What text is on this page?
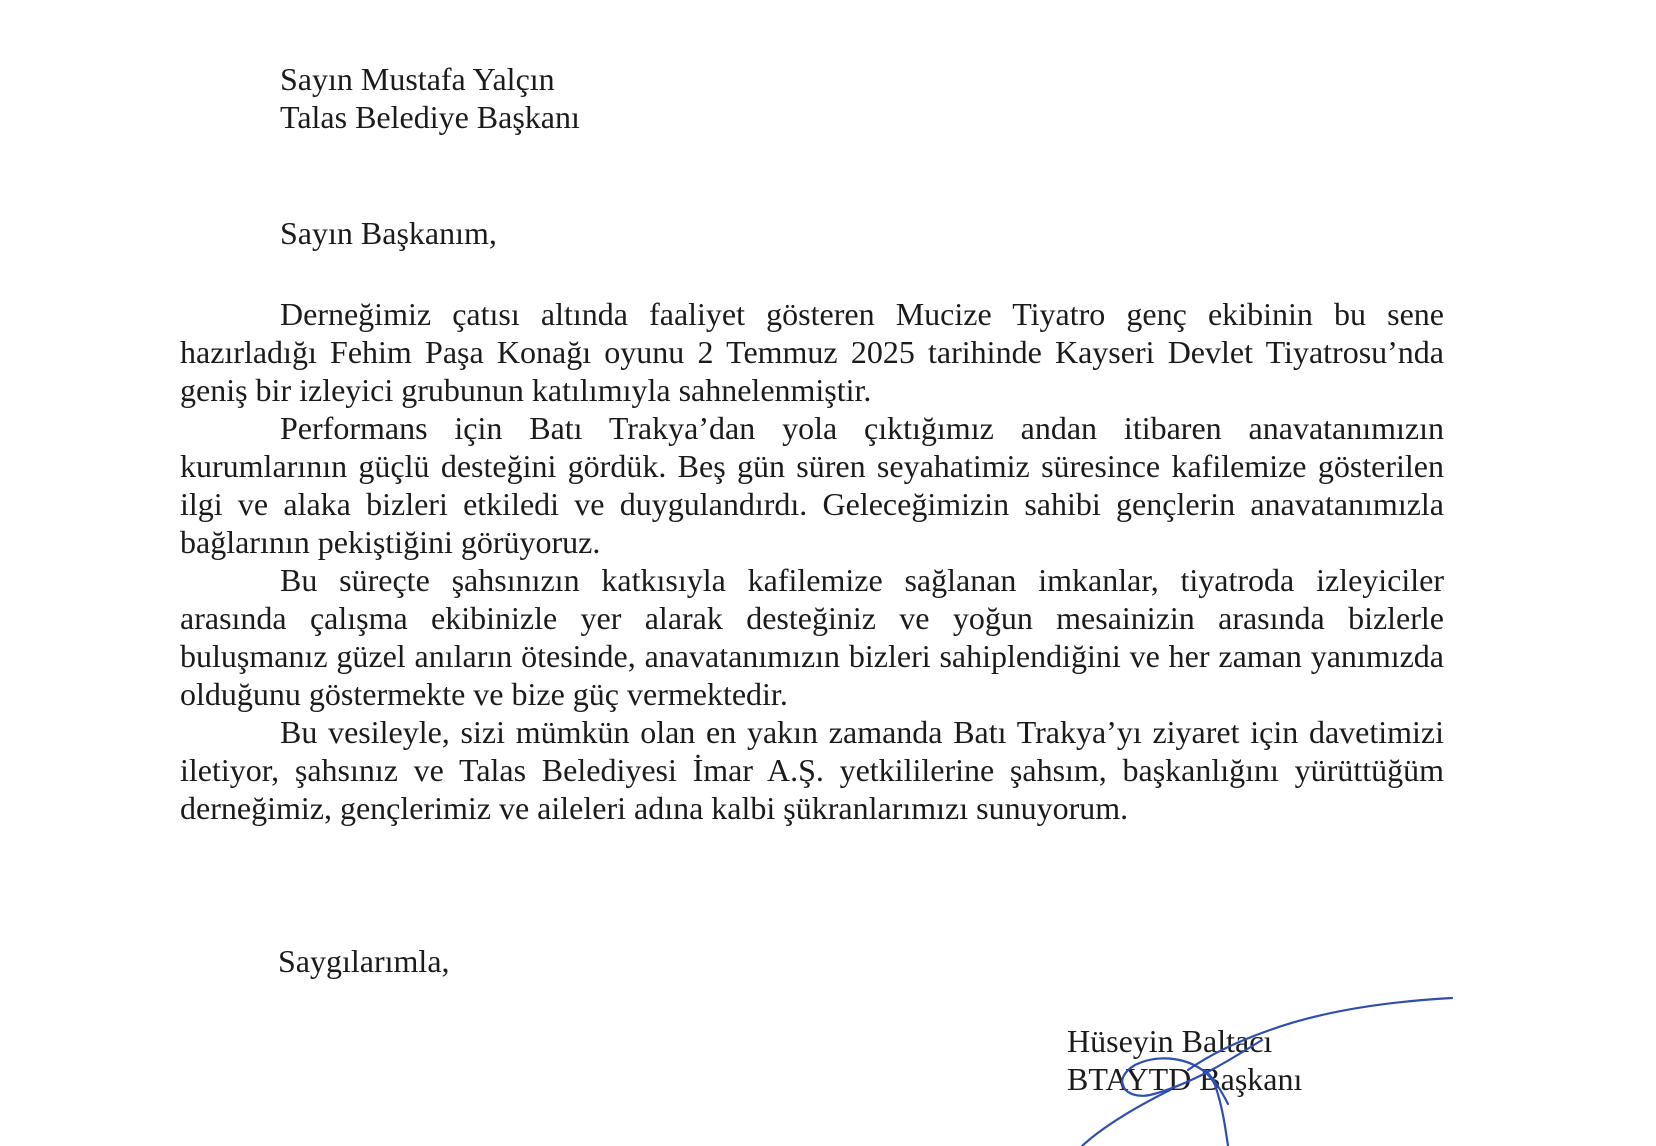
Sayın Mustafa Yalçın
Talas Belediye Başkanı
Sayın Başkanım,

Derneğimiz çatısı altında faaliyet gösteren Mucize Tiyatro genç ekibinin bu sene hazırladığı Fehim Paşa Konağı oyunu 2 Temmuz 2025 tarihinde Kayseri Devlet Tiyatrosu’nda geniş bir izleyici grubunun katılımıyla sahnelenmiştir.

Performans için Batı Trakya’dan yola çıktığımız andan itibaren anavatanımızın kurumlarının güçlü desteğini gördük. Beş gün süren seyahatimiz süresince kafilemize gösterilen ilgi ve alaka bizleri etkiledi ve duygulandırdı. Geleceğimizin sahibi gençlerin anavatanımızla bağlarının pekiştiğini görüyoruz.

Bu süreçte şahsınızın katkısıyla kafilemize sağlanan imkanlar, tiyatroda izleyiciler arasında çalışma ekibinizle yer alarak desteğiniz ve yoğun mesainizin arasında bizlerle buluşmanız güzel anıların ötesinde, anavatanımızın bizleri sahiplendiğini ve her zaman yanımızda olduğunu göstermekte ve bize güç vermektedir.

Bu vesileyle, sizi mümkün olan en yakın zamanda Batı Trakya’yı ziyaret için davetimizi iletiyor, şahsınız ve Talas Belediyesi İmar A.Ş. yetkililerine şahsım, başkanlığını yürüttüğüm derneğimiz, gençlerimiz ve aileleri adına kalbi şükranlarımızı sunuyorum.

Saygılarımla,
Hüseyin Baltacı
BTAYTD Başkanı
